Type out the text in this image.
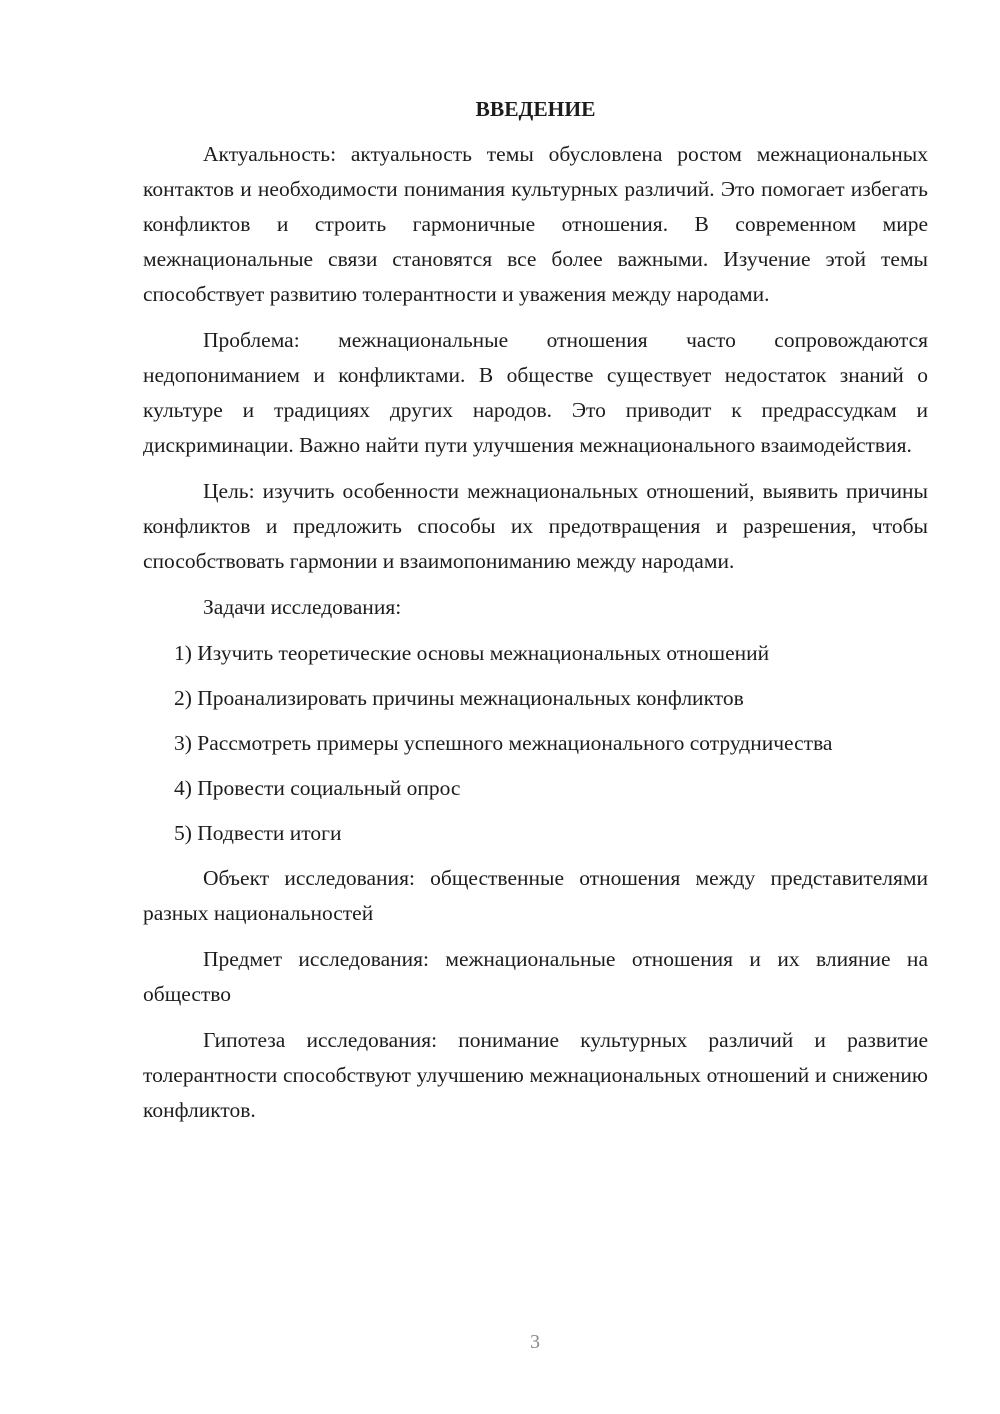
ВВЕДЕНИЕ

Актуальность: актуальность темы обусловлена ростом межнациональных контактов и необходимости понимания культурных различий. Это помогает избегать конфликтов и строить гармоничные отношения. В современном мире межнациональные связи становятся все более важными. Изучение этой темы способствует развитию толерантности и уважения между народами.

Проблема: межнациональные отношения часто сопровождаются недопониманием и конфликтами. В обществе существует недостаток знаний о культуре и традициях других народов. Это приводит к предрассудкам и дискриминации. Важно найти пути улучшения межнационального взаимодействия.

Цель: изучить особенности межнациональных отношений, выявить причины конфликтов и предложить способы их предотвращения и разрешения, чтобы способствовать гармонии и взаимопониманию между народами.

Задачи исследования:

1) Изучить теоретические основы межнациональных отношений

2) Проанализировать причины межнациональных конфликтов

3) Рассмотреть примеры успешного межнационального сотрудничества

4) Провести социальный опрос

5) Подвести итоги

Объект исследования: общественные отношения между представителями разных национальностей

Предмет исследования: межнациональные отношения и их влияние на общество

Гипотеза исследования: понимание культурных различий и развитие толерантности способствуют улучшению межнациональных отношений и снижению конфликтов.

3
